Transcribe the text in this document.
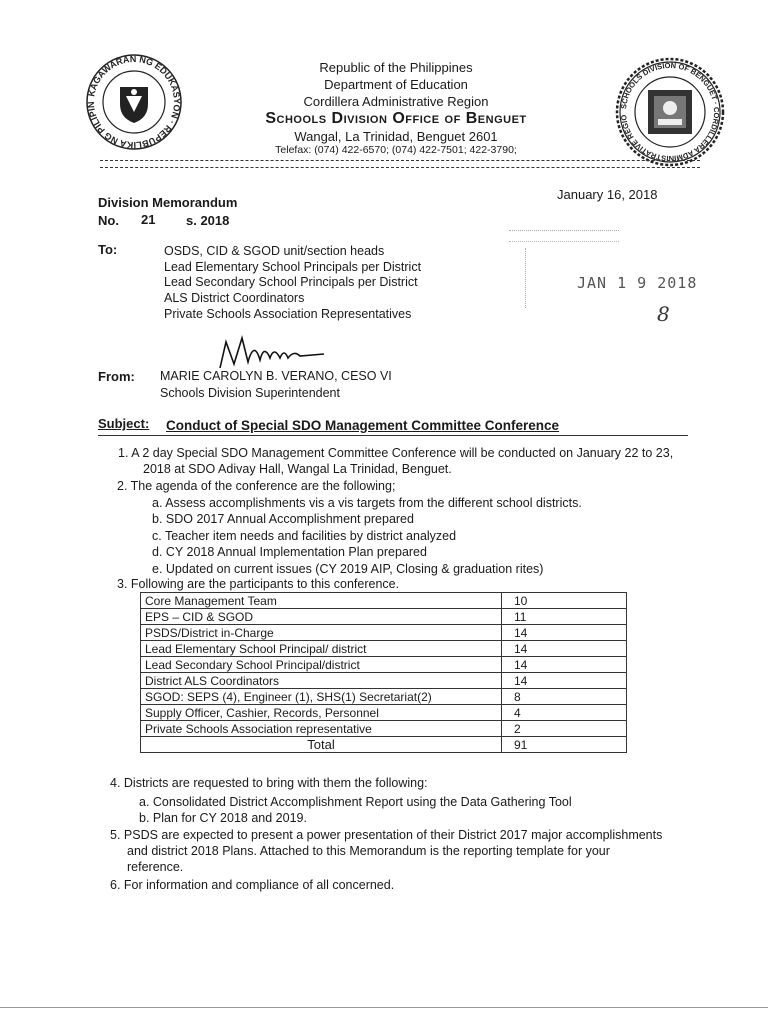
KAGAWARAN NG EDUKASYON · REPUBLIKA NG PILIPIN	SCHOOLS DIVISION OF BENGUET · CORDILLERA ADMINISTRATIVE REGIO
Republic of the Philippines
Department of Education
Cordillera Administrative Region
Schools Division Office of Benguet
Wangal, La Trinidad, Benguet 2601
Telefax: (074) 422-6570; (074) 422-7501; 422-3790;
January 16, 2018
Division Memorandum
No. 21 s. 2018
To:	OSDS, CID & SGOD unit/section heads
Lead Elementary School Principals per District
Lead Secondary School Principals per District
ALS District Coordinators
Private Schools Association Representatives
JAN 1 9 2018
8
From: MARIE CAROLYN B. VERANO, CESO VI
Schools Division Superintendent
Subject: Conduct of Special SDO Management Committee Conference
1. A 2 day Special SDO Management Committee Conference will be conducted on January 22 to 23,
2018 at SDO Adivay Hall, Wangal La Trinidad, Benguet.
2. The agenda of the conference are the following;
a. Assess accomplishments vis a vis targets from the different school districts.
b. SDO 2017 Annual Accomplishment prepared
c. Teacher item needs and facilities by district analyzed
d. CY 2018 Annual Implementation Plan prepared
e. Updated on current issues (CY 2019 AIP, Closing & graduation rites)
3. Following are the participants to this conference.
Core Management Team	10
EPS – CID & SGOD	11
PSDS/District in-Charge	14
Lead Elementary School Principal/ district	14
Lead Secondary School Principal/district	14
District ALS Coordinators	14
SGOD: SEPS (4), Engineer (1), SHS(1) Secretariat(2)	8
Supply Officer, Cashier, Records, Personnel	4
Private Schools Association representative	2
Total	91
4. Districts are requested to bring with them the following:
a. Consolidated District Accomplishment Report using the Data Gathering Tool
b. Plan for CY 2018 and 2019.
5. PSDS are expected to present a power presentation of their District 2017 major accomplishments
and district 2018 Plans. Attached to this Memorandum is the reporting template for your
reference.
6. For information and compliance of all concerned.
